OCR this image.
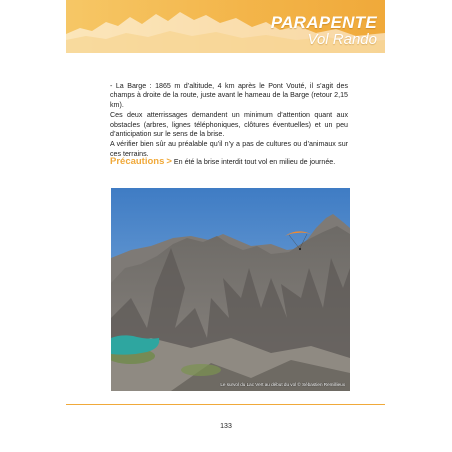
PARAPENTE
Vol Rando

- La Barge : 1865 m d’altitude, 4 km après le Pont Vouté, il s’agit des champs à droite de la route, juste avant le hameau de la Barge (retour 2,15 km).

Ces deux atterrissages demandent un minimum d’attention quant aux obstacles (arbres, lignes téléphoniques, clôtures éventuelles) et un peu d’anticipation sur le sens de la brise.

A vérifier bien sûr au préalable qu’il n’y a pas de cultures ou d’animaux sur ces terrains.

Précautions > En été la brise interdit tout vol en milieu de journée.
Le survol du Lac Vert au début du vol © Sébastien Remillieux
133
